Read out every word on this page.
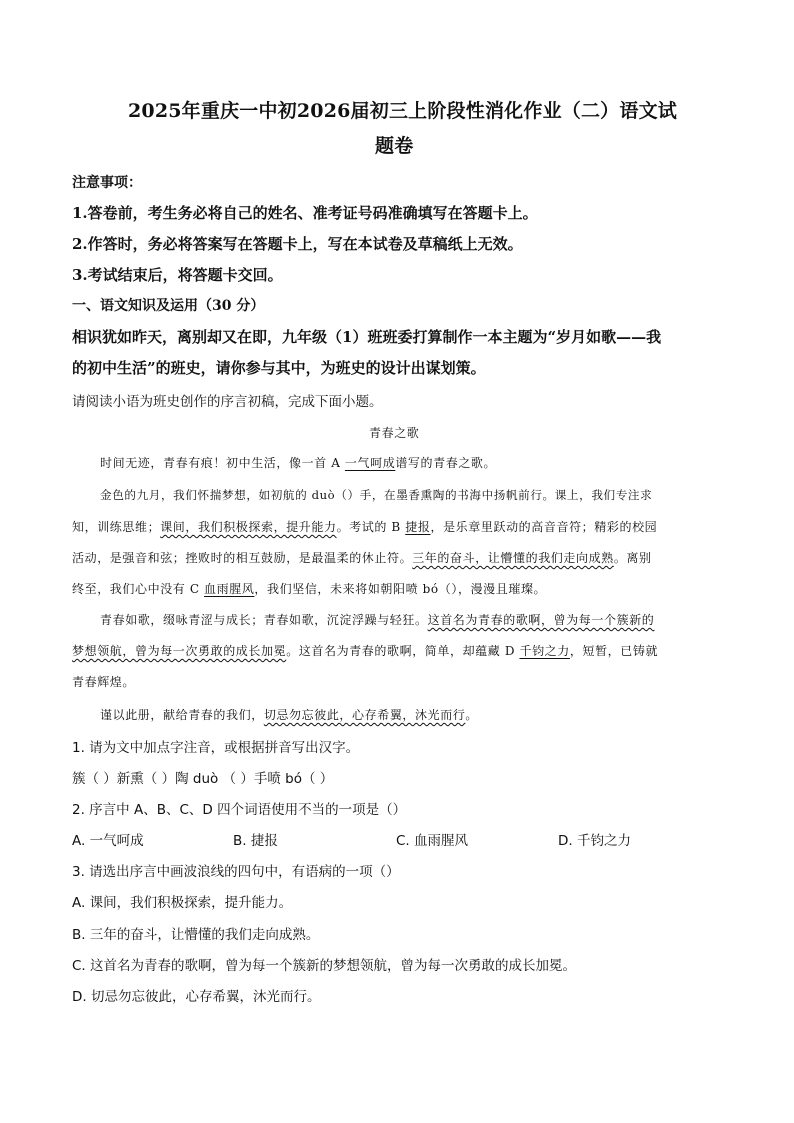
2025年重庆一中初2026届初三上阶段性消化作业（二）语文试
题卷
注意事项：
1.答卷前，考生务必将自己的姓名、准考证号码准确填写在答题卡上。
2.作答时，务必将答案写在答题卡上，写在本试卷及草稿纸上无效。
3.考试结束后，将答题卡交回。
一、语文知识及运用（30 分）
相识犹如昨天，离别却又在即，九年级（1）班班委打算制作一本主题为“岁月如歌——我
的初中生活”的班史，请你参与其中，为班史的设计出谋划策。
请阅读小语为班史创作的序言初稿，完成下面小题。
青春之歌
时间无迹，青春有痕！初中生活，像一首 A 一气呵成谱写的青春之歌。
金色的九月，我们怀揣梦想，如初航的 duò（）手，在墨香熏陶的书海中扬帆前行。课上，我们专注求
知，训练思维；课间，我们积极探索，提升能力。考试的 B 捷报，是乐章里跃动的高音音符；精彩的校园
活动，是强音和弦；挫败时的相互鼓励，是最温柔的休止符。三年的奋斗，让懵懂的我们走向成熟。离别
终至，我们心中没有 C 血雨腥风，我们坚信，未来将如朝阳喷 bó（），漫漫且璀璨。
青春如歌，缀咏青涩与成长；青春如歌，沉淀浮躁与轻狂。这首名为青春的歌啊，曾为每一个簇新的
梦想领航，曾为每一次勇敢的成长加冕。这首名为青春的歌啊，简单，却蕴藏 D 千钧之力，短暂，已铸就
青春辉煌。
谨以此册，献给青春的我们，切忌勿忘彼此，心存希翼，沐光而行。
1. 请为文中加点字注音，或根据拼音写出汉字。
簇（ ）新熏（ ）陶 duò （ ）手喷 bó（ ）
2. 序言中 A、B、C、D 四个词语使用不当的一项是（）
A. 一气呵成	B. 捷报	C. 血雨腥风	D. 千钧之力
3. 请选出序言中画波浪线的四句中，有语病的一项（）
A. 课间，我们积极探索，提升能力。
B. 三年的奋斗，让懵懂的我们走向成熟。
C. 这首名为青春的歌啊，曾为每一个簇新的梦想领航，曾为每一次勇敢的成长加冕。
D. 切忌勿忘彼此，心存希翼，沐光而行。
